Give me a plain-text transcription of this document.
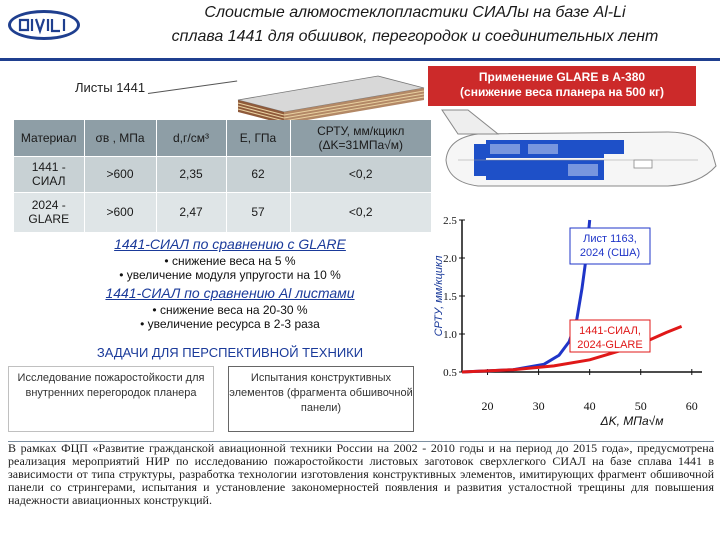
Слоистые алюмостеклопластики СИАЛы на базе Al-Li
сплава 1441 для обшивок, перегородок и соединительных лент
Листы 1441
Применение GLARE в А-380
(снижение веса планера на 500 кг)
Материал	σв , МПа	d,г/см³	Е, ГПа	СРТУ, мм/кцикл (ΔK=31МПа√м)
1441 - СИАЛ	>600	2,35	62	<0,2
2024 - GLARE	>600	2,47	57	<0,2
1441-СИАЛ по сравнению с GLARE
• снижение веса на 5 %
• увеличение модуля упругости на 10 %
1441-СИАЛ по сравнению Al листами
• снижение веса на 20-30 %
• увеличение ресурса в 2-3 раза
ЗАДАЧИ ДЛЯ ПЕРСПЕКТИВНОЙ ТЕХНИКИ
Исследование пожаростойкости для внутренних перегородок планера
Испытания конструктивных элементов (фрагмента обшивочной панели)
0.5
1.0
1.5
2.0
2.5
20	30	40	50	60
СРТУ, мм/кцикл
ΔK, МПа√м
Лист 1163,
2024 (США)
1441-СИАЛ,
2024-GLARE
В рамках ФЦП «Развитие гражданской авиационной техники России на 2002 - 2010 годы и на период до 2015 года», предусмотрена реализация мероприятий НИР по исследованию пожаростойкости листовых заготовок сверхлегкого СИАЛ на базе сплава 1441 в зависимости от типа структуры, разработка технологии изготовления конструктивных элементов, имитирующих фрагмент обшивочной панели со стрингерами, испытания и установление закономерностей появления и развития усталостной трещины для повышения надежности авиационных конструкций.
